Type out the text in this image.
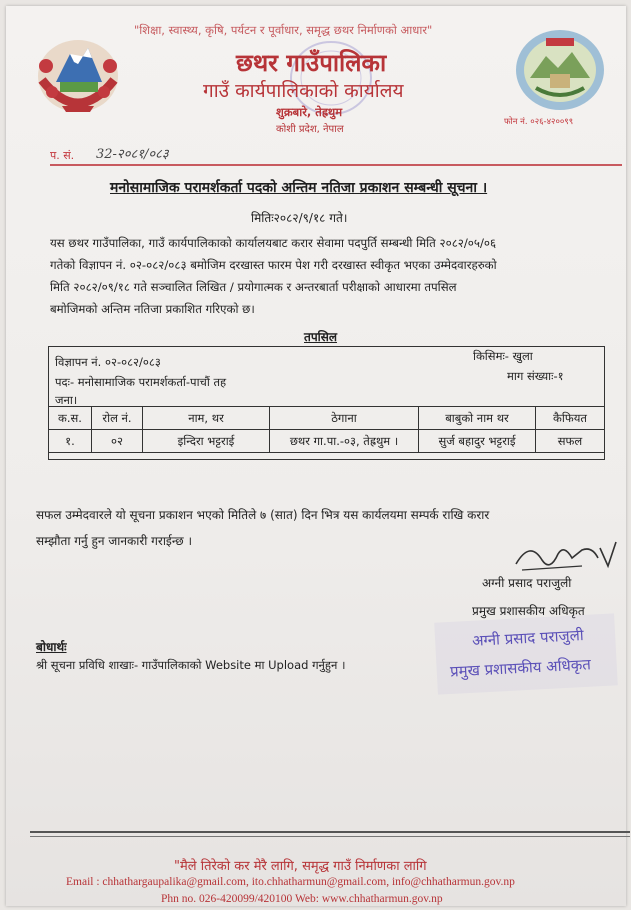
"शिक्षा, स्वास्थ्य, कृषि, पर्यटन र पूर्वाधार, समृद्ध छथर निर्माणको आधार"
छथर गाउँपालिका
गाउँ कार्यपालिकाको कार्यालय
शुक्रबारे, तेह्रथुम
कोशी प्रदेश, नेपाल
फोन नं. ०२६-४२००९९
प. सं. 32-२०८१/०८३
मनोसामाजिक परामर्शकर्ता पदको अन्तिम नतिजा प्रकाशन सम्बन्धी सूचना ।
मितिः२०८२/९/१८ गते।
यस छथर गाउँपालिका, गाउँ कार्यपालिकाको कार्यालयबाट करार सेवामा पदपुर्ति सम्बन्धी मिति २०८२/०५/०६
गतेको विज्ञापन नं. ०२-०८२/०८३ बमोजिम दरखास्त फारम पेश गरी दरखास्त स्वीकृत भएका उम्मेदवारहरुको
मिति २०८२/०९/१८ गते सञ्चालित लिखित / प्रयोगात्मक र अन्तरबार्ता परीक्षाको आधारमा तपसिल
बमोजिमको अन्तिम नतिजा प्रकाशित गरिएको छ।
तपसिल
विज्ञापन नं. ०२-०८२/०८३	किसिमः- खुला
पदः- मनोसामाजिक परामर्शकर्ता-पाचौं तह	माग संख्याः-१
जना।
क.स.	रोल नं.	नाम, थर	ठेगाना	बाबुको नाम थर	कैफियत
१.	०२	इन्दिरा भट्टराई	छथर गा.पा.-०३, तेह्रथुम ।	सुर्ज बहादुर भट्टराई	सफल
सफल उम्मेदवारले यो सूचना प्रकाशन भएको मितिले ७ (सात) दिन भित्र यस कार्यलयमा सम्पर्क राखि करार
सम्झौता गर्नु हुन जानकारी गराईन्छ ।
अग्नी प्रसाद पराजुली
प्रमुख प्रशासकीय अधिकृत
अग्नी प्रसाद पराजुली
प्रमुख प्रशासकीय अधिकृत
बोधार्थः
श्री सूचना प्रविधि शाखाः- गाउँपालिकाको Website मा Upload गर्नुहुन ।
"मैले तिरेको कर मेरै लागि, समृद्ध गाउँ निर्माणका लागि
Email : chhathargaupalika@gmail.com, ito.chhatharmun@gmail.com, info@chhatharmun.gov.np
Phn no. 026-420099/420100 Web: www.chhatharmun.gov.np
